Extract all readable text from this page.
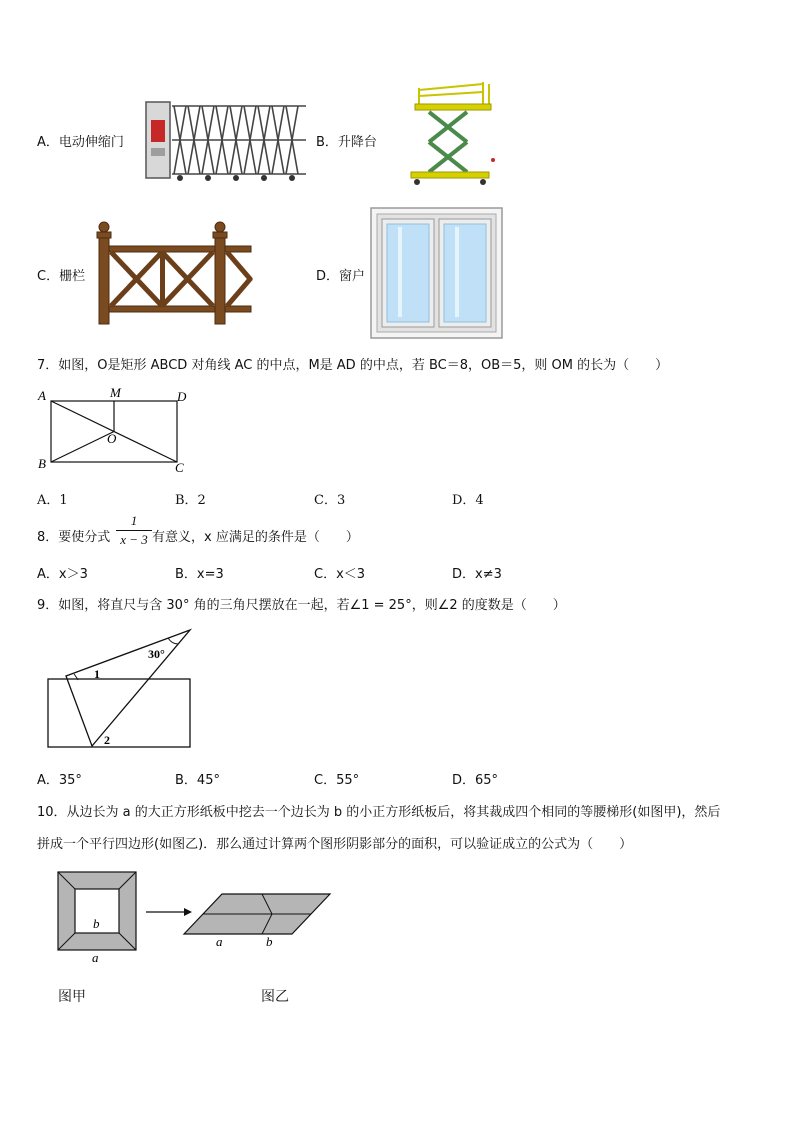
A．电动伸缩门	B．升降台
C．栅栏	D．窗户
7．如图，O是矩形 ABCD 对角线 AC 的中点，M是 AD 的中点，若 BC＝8，OB＝5，则 OM 的长为（　　）
A
B	C
D
M
O
A．1	B．2	C．3	D．4
8．要使分式
1
x − 3 有意义，x 应满足的条件是（　　）
A．x＞3	B．x=3	C．x＜3	D．x≠3
9．如图，将直尺与含 30° 角的三角尺摆放在一起，若∠1 = 25°，则∠2 的度数是（　　）
30°
1
2
A．35°	B．45°	C．55°	D．65°
10．从边长为 a 的大正方形纸板中挖去一个边长为 b 的小正方形纸板后，将其裁成四个相同的等腰梯形(如图甲)，然后
拼成一个平行四边形(如图乙)．那么通过计算两个图形阴影部分的面积，可以验证成立的公式为（　　）
b
a
a	b
图甲	图乙
